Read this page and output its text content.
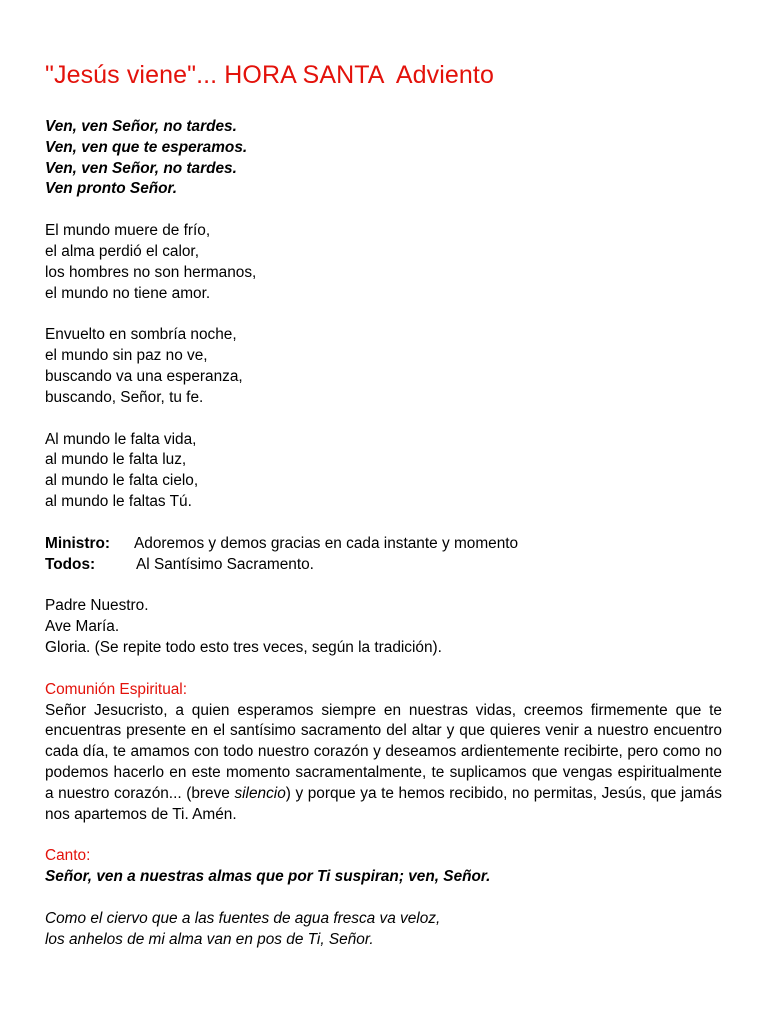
"Jesús viene"... HORA SANTA  Adviento

Ven, ven Señor, no tardes.
Ven, ven que te esperamos.
Ven, ven Señor, no tardes.
Ven pronto Señor.

El mundo muere de frío,
el alma perdió el calor,
los hombres no son hermanos,
el mundo no tiene amor.

Envuelto en sombría noche,
el mundo sin paz no ve,
buscando va una esperanza,
buscando, Señor, tu fe.

Al mundo le falta vida,
al mundo le falta luz,
al mundo le falta cielo,
al mundo le faltas Tú.

Ministro: Adoremos y demos gracias en cada instante y momento
Todos:	Al Santísimo Sacramento.

Padre Nuestro.
Ave María.
Gloria. (Se repite todo esto tres veces, según la tradición).

Comunión Espiritual:

Señor Jesucristo, a quien esperamos siempre en nuestras vidas, creemos firmemente que te encuentras presente en el santísimo sacramento del altar y que quieres venir a nuestro encuentro cada día, te amamos con todo nuestro corazón y deseamos ardientemente recibirte, pero como no podemos hacerlo en este momento sacramentalmente, te suplicamos que vengas espiritualmente a nuestro corazón... (breve silencio) y porque ya te hemos recibido, no permitas, Jesús, que jamás nos apartemos de Ti. Amén.

Canto:

Señor, ven a nuestras almas que por Ti suspiran; ven, Señor.

Como el ciervo que a las fuentes de agua fresca va veloz,
los anhelos de mi alma van en pos de Ti, Señor.
